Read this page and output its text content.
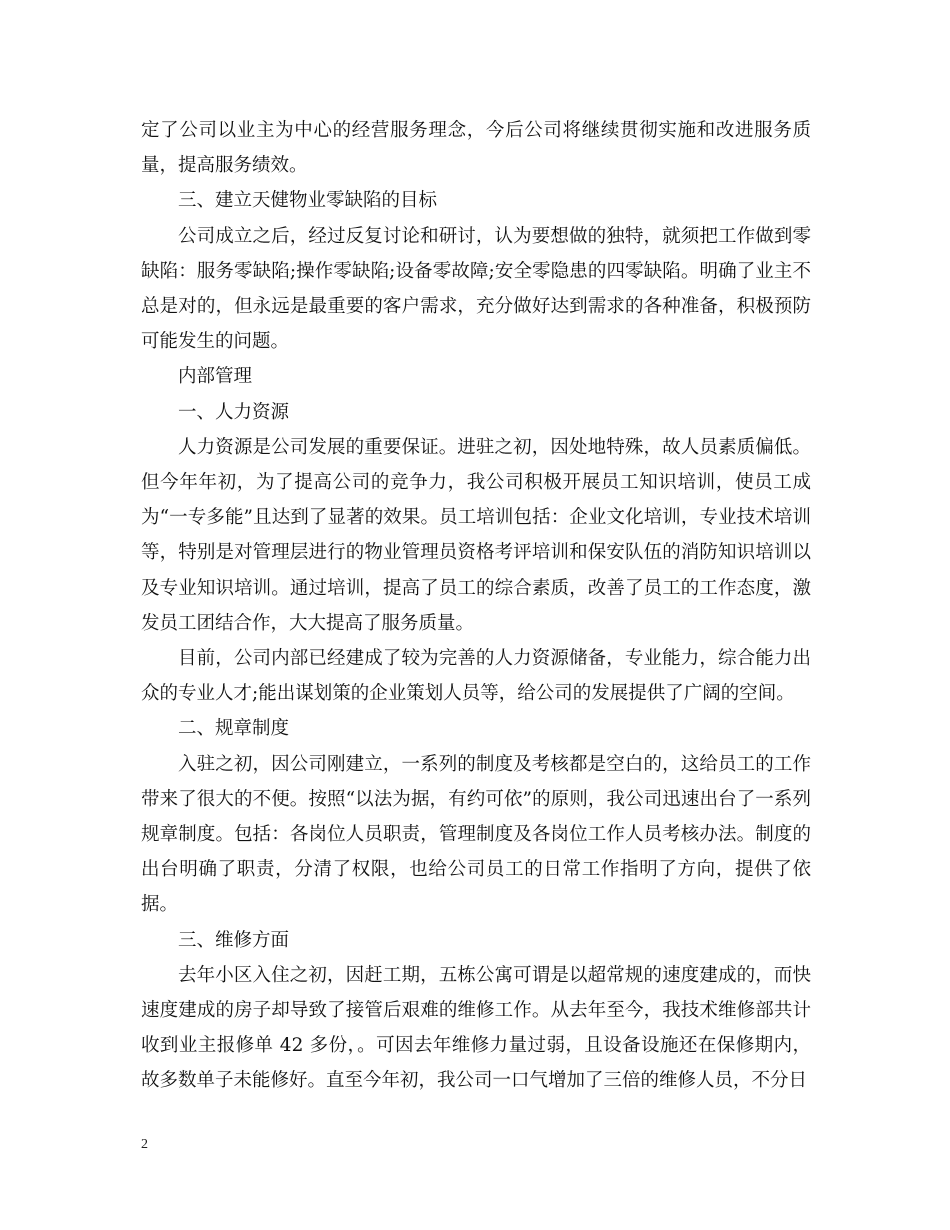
定了公司以业主为中心的经营服务理念，今后公司将继续贯彻实施和改进服务质量，提高服务绩效。

三、建立天健物业零缺陷的目标

公司成立之后，经过反复讨论和研讨，认为要想做的独特，就须把工作做到零缺陷：服务零缺陷;操作零缺陷;设备零故障;安全零隐患的四零缺陷。明确了业主不总是对的，但永远是最重要的客户需求，充分做好达到需求的各种准备，积极预防可能发生的问题。

内部管理

一、人力资源

人力资源是公司发展的重要保证。进驻之初，因处地特殊，故人员素质偏低。但今年年初，为了提高公司的竞争力，我公司积极开展员工知识培训，使员工成为“一专多能”且达到了显著的效果。员工培训包括：企业文化培训，专业技术培训等，特别是对管理层进行的物业管理员资格考评培训和保安队伍的消防知识培训以及专业知识培训。通过培训，提高了员工的综合素质，改善了员工的工作态度，激发员工团结合作，大大提高了服务质量。

目前，公司内部已经建成了较为完善的人力资源储备，专业能力，综合能力出众的专业人才;能出谋划策的企业策划人员等，给公司的发展提供了广阔的空间。

二、规章制度

入驻之初，因公司刚建立，一系列的制度及考核都是空白的，这给员工的工作带来了很大的不便。按照“以法为据，有约可依”的原则，我公司迅速出台了一系列规章制度。包括：各岗位人员职责，管理制度及各岗位工作人员考核办法。制度的出台明确了职责，分清了权限，也给公司员工的日常工作指明了方向，提供了依据。

三、维修方面

去年小区入住之初，因赶工期，五栋公寓可谓是以超常规的速度建成的，而快速度建成的房子却导致了接管后艰难的维修工作。从去年至今，我技术维修部共计收到业主报修单 42 多份，。可因去年维修力量过弱，且设备设施还在保修期内，故多数单子未能修好。直至今年初，我公司一口气增加了三倍的维修人员，不分日

2
